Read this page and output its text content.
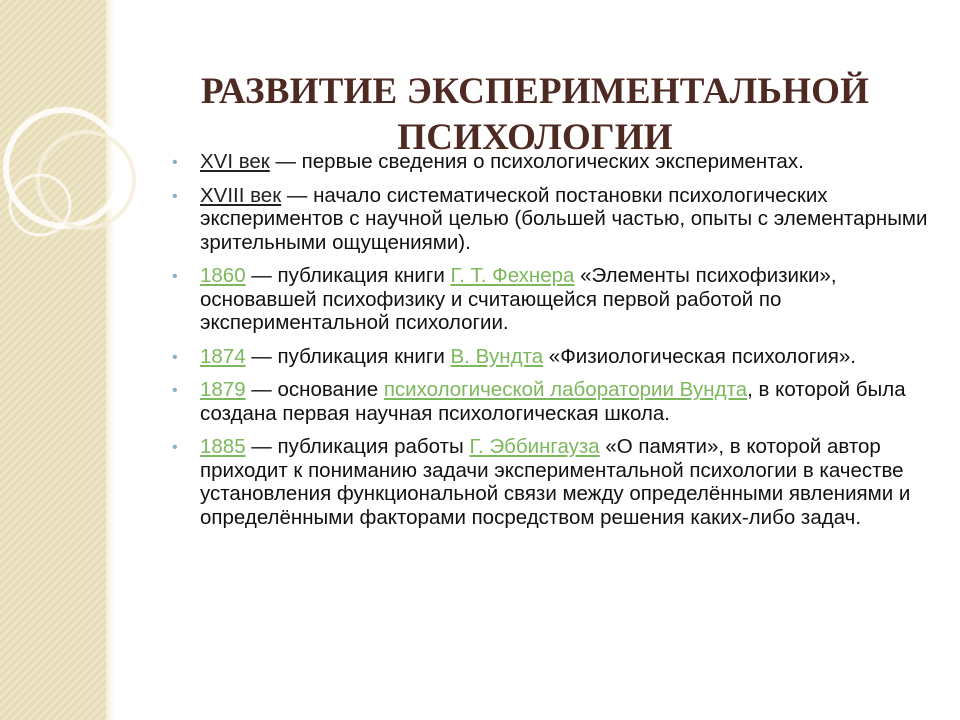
РАЗВИТИЕ ЭКСПЕРИМЕНТАЛЬНОЙ
ПСИХОЛОГИИ
• XVI век — первые сведения о психологических экспериментах.
• XVIII век — начало систематической постановки психологических экспериментов с научной целью (большей частью, опыты с элементарными зрительными ощущениями).
• 1860 — публикация книги Г. Т. Фехнера «Элементы психофизики», основавшей психофизику и считающейся первой работой по экспериментальной психологии.
• 1874 — публикация книги В. Вундта «Физиологическая психология».
• 1879 — основание психологической лаборатории Вундта, в которой была создана первая научная психологическая школа.
• 1885 — публикация работы Г. Эббингауза «О памяти», в которой автор приходит к пониманию задачи экспериментальной психологии в качестве установления функциональной связи между определёнными явлениями и определёнными факторами посредством решения каких-либо задач.
